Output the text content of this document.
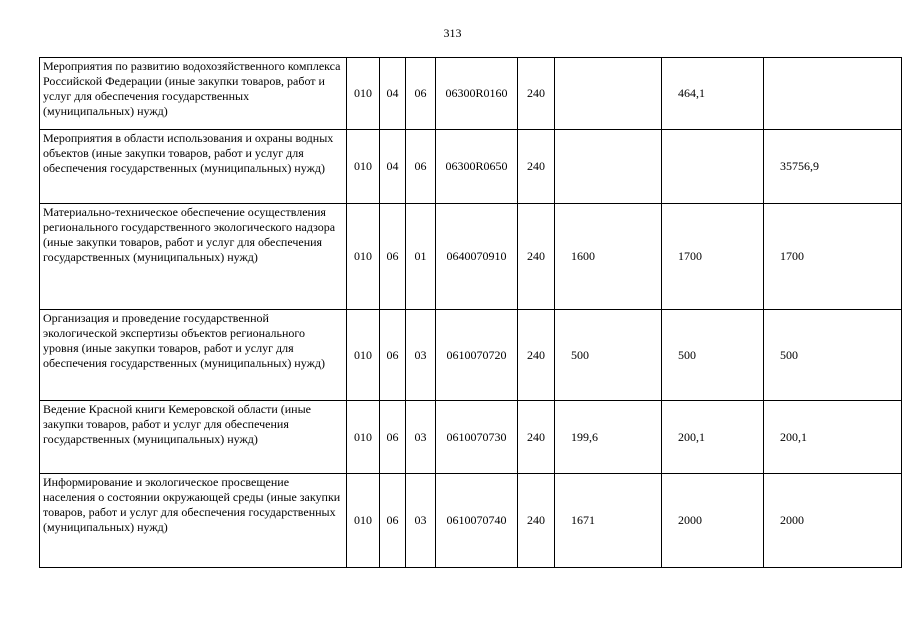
313
Мероприятия по развитию водохозяйственного комплекса Российской Федерации (иные закупки товаров, работ и услуг для обеспечения государственных (муниципальных) нужд)	010	04	06	06300R0160	240		464,1	
Мероприятия в области использования и охраны водных объектов (иные закупки товаров, работ и услуг для обеспечения государственных (муниципальных) нужд)	010	04	06	06300R0650	240			35756,9
Материально-техническое обеспечение осуществления регионального государственного экологического надзора (иные закупки товаров, работ и услуг для обеспечения государственных (муниципальных) нужд)	010	06	01	0640070910	240	1600	1700	1700
Организация и проведение государственной экологической экспертизы объектов регионального уровня (иные закупки товаров, работ и услуг для обеспечения государственных (муниципальных) нужд)	010	06	03	0610070720	240	500	500	500
Ведение Красной книги Кемеровской области (иные закупки товаров, работ и услуг для обеспечения государственных (муниципальных) нужд)	010	06	03	0610070730	240	199,6	200,1	200,1
Информирование и экологическое просвещение населения о состоянии окружающей среды (иные закупки товаров, работ и услуг для обеспечения государственных (муниципальных) нужд)	010	06	03	0610070740	240	1671	2000	2000
